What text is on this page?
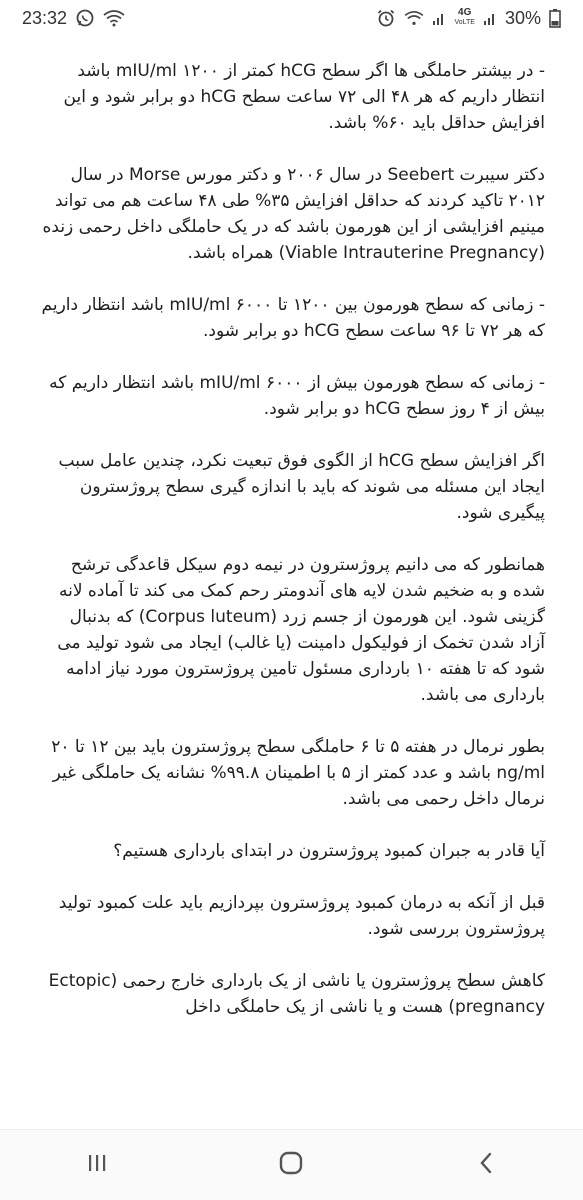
23:32	4G
VoLTE 30%

- در بیشتر حاملگی ها اگر سطح hCG کمتر از ۱۲۰۰ mIU/ml باشد انتظار داریم که هر ۴۸ الی ۷۲ ساعت سطح hCG دو برابر شود و این افزایش حداقل باید ۶۰% باشد.

دکتر سیبرت Seebert در سال ۲۰۰۶ و دکتر مورس Morse در سال ۲۰۱۲ تاکید کردند که حداقل افزایش ۳۵% طی ۴۸ ساعت هم می تواند مینیم افزایشی از این هورمون باشد که در یک حاملگی داخل رحمی زنده (Viable Intrauterine Pregnancy) همراه باشد.

- زمانی که سطح هورمون بین ۱۲۰۰ تا ۶۰۰۰ mIU/ml باشد انتظار داریم که هر ۷۲ تا ۹۶ ساعت سطح hCG دو برابر شود.

- زمانی که سطح هورمون بیش از ۶۰۰۰ mIU/ml باشد انتظار داریم که بیش از ۴ روز سطح hCG دو برابر شود.

اگر افزایش سطح hCG از الگوی فوق تبعیت نکرد، چندین عامل سبب ایجاد این مسئله می شوند که باید با اندازه گیری سطح پروژسترون پیگیری شود.

همانطور که می دانیم پروژسترون در نیمه دوم سیکل قاعدگی ترشح شده و به ضخیم شدن لایه های آندومتر رحم کمک می کند تا آماده لانه گزینی شود. این هورمون از جسم زرد (Corpus luteum) که بدنبال آزاد شدن تخمک از فولیکول دامینت (یا غالب) ایجاد می شود تولید می شود که تا هفته ۱۰ بارداری مسئول تامین پروژسترون مورد نیاز ادامه بارداری می باشد.

بطور نرمال در هفته ۵ تا ۶ حاملگی سطح پروژسترون باید بین ۱۲ تا ۲۰ ng/ml باشد و عدد کمتر از ۵ با اطمینان ۹۹.۸% نشانه یک حاملگی غیر نرمال داخل رحمی می باشد.

آیا قادر به جبران کمبود پروژسترون در ابتدای بارداری هستیم؟

قبل از آنکه به درمان کمبود پروژسترون بپردازیم باید علت کمبود تولید پروژسترون بررسی شود.

کاهش سطح پروژسترون یا ناشی از یک بارداری خارج رحمی (Ectopic pregnancy) هست و یا ناشی از یک حاملگی داخل
